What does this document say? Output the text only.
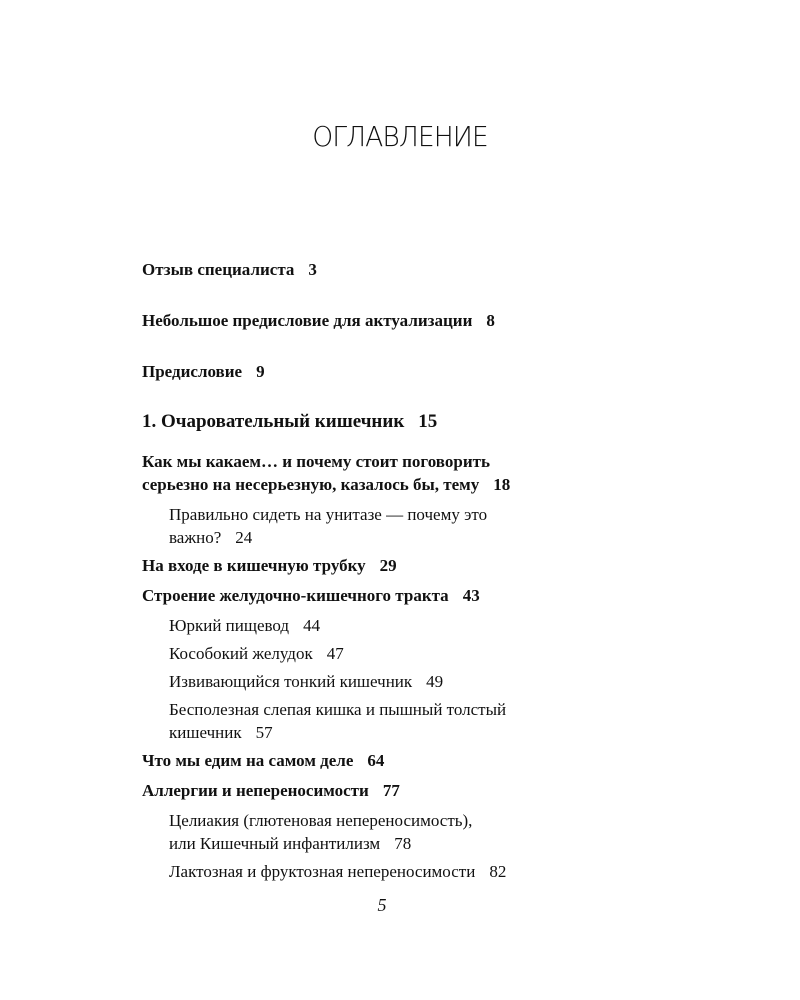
ОГЛАВЛЕНИЕ
Отзыв специалиста 3
Небольшое предисловие для актуализации 8
Предисловие 9
1. Очаровательный кишечник 15
Как мы какаем… и почему стоит поговорить
серьезно на несерьезную, казалось бы, тему 18
Правильно сидеть на унитазе — почему это
важно? 24
На входе в кишечную трубку 29
Строение желудочно-кишечного тракта 43
Юркий пищевод 44
Кособокий желудок 47
Извивающийся тонкий кишечник 49
Бесполезная слепая кишка и пышный толстый
кишечник 57
Что мы едим на самом деле 64
Аллергии и непереносимости 77
Целиакия (глютеновая непереносимость),
или Кишечный инфантилизм 78
Лактозная и фруктозная непереносимости 82
5
